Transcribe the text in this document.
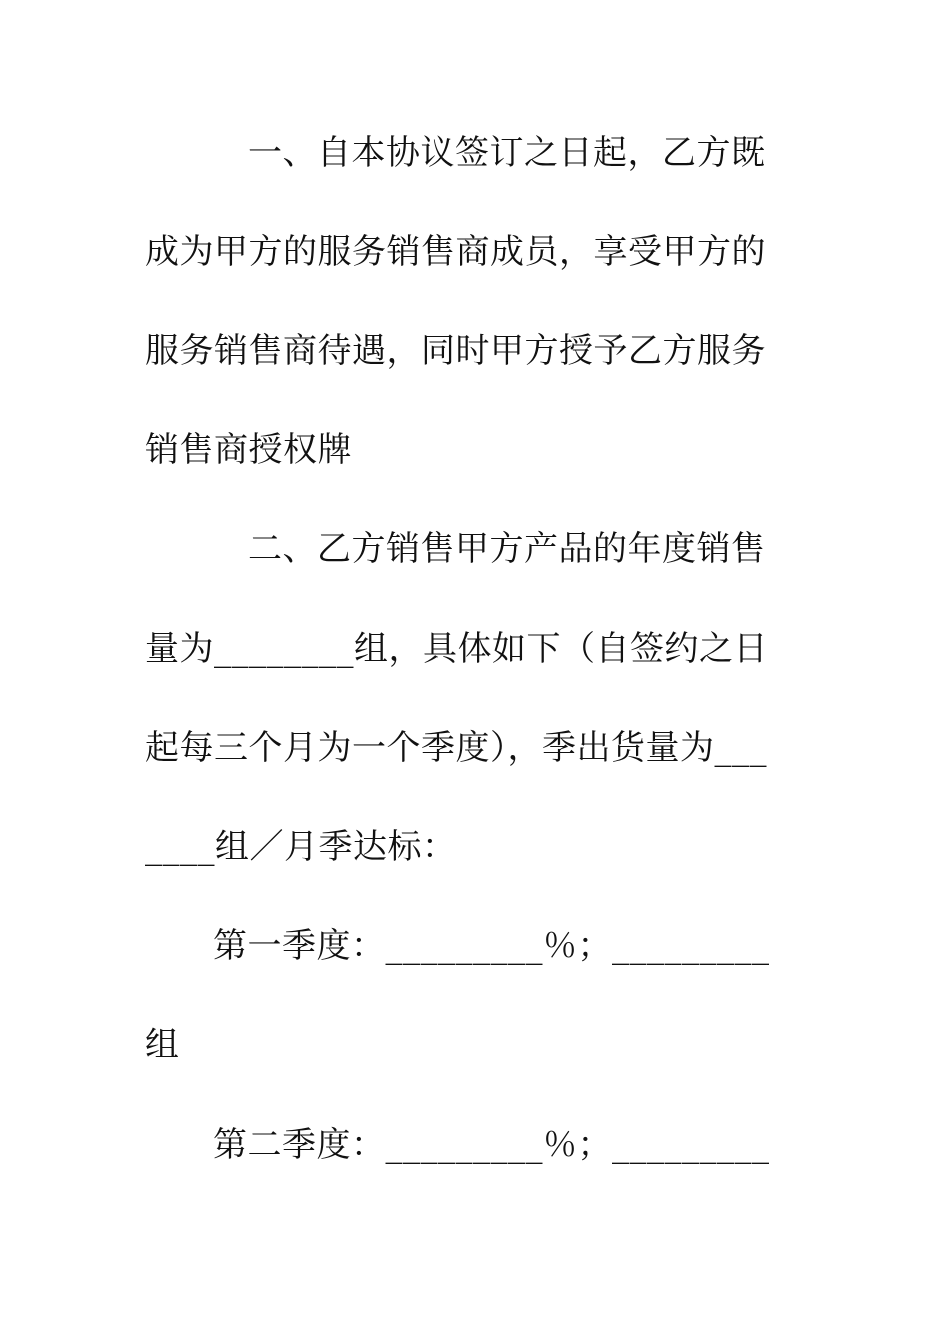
一、自本协议签订之日起，乙方既
成为甲方的服务销售商成员，享受甲方的
服务销售商待遇，同时甲方授予乙方服务
销售商授权牌
二、乙方销售甲方产品的年度销售
量为________组，具体如下（自签约之日
起每三个月为一个季度），季出货量为___
____组／月季达标：
第一季度：_________％；_________
组
第二季度：_________％；_________
